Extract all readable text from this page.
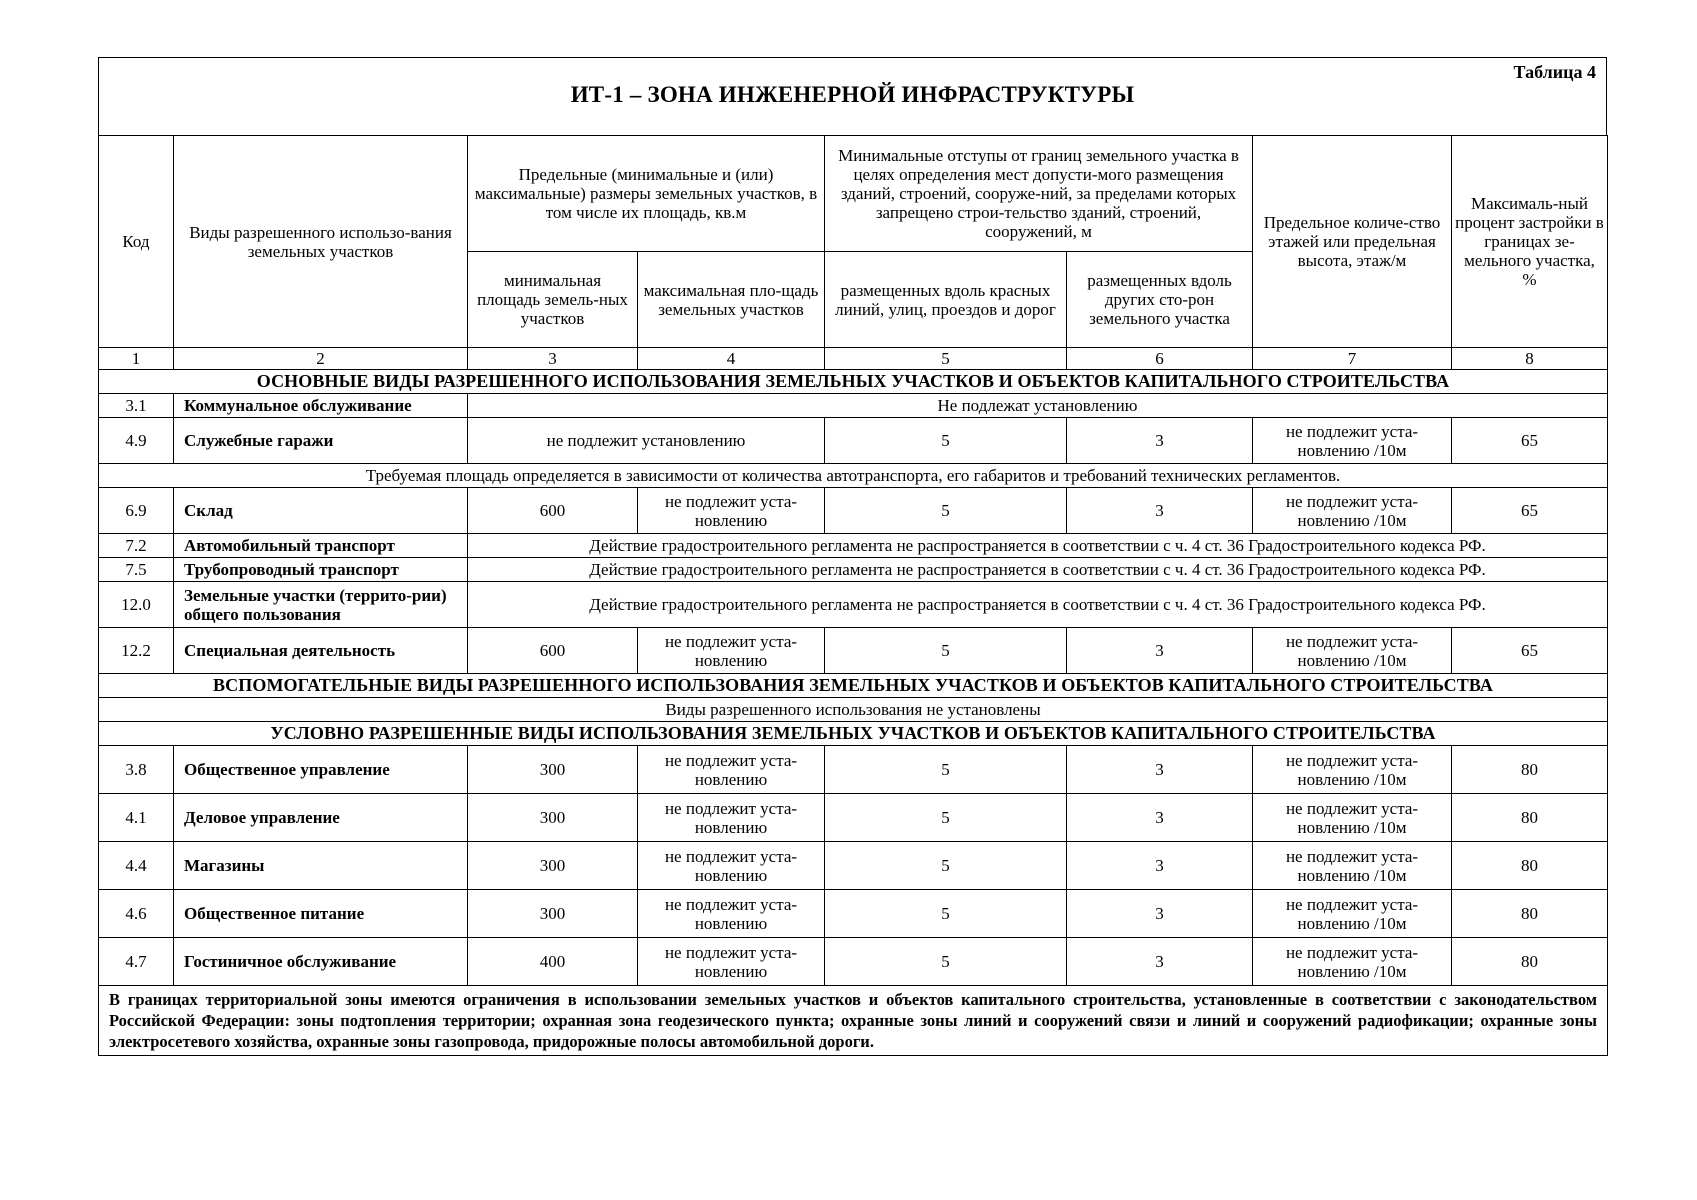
Таблица 4
ИТ-1 – ЗОНА ИНЖЕНЕРНОЙ ИНФРАСТРУКТУРЫ
Код	Виды разрешенного использо-вания земельных участков	Предельные (минимальные и (или) максимальные) размеры земельных участков, в том числе их площадь, кв.м		Минимальные отступы от границ земельного участка в целях определения мест допусти-мого размещения зданий, строений, сооруже-ний, за пределами которых запрещено строи-тельство зданий, строений, сооружений, м		Предельное количе-ство этажей или предельная высота, этаж/м	Максималь-ный процент застройки в границах зе-мельного участка, %
		минимальная площадь земель-ных участков	максимальная пло-щадь земельных участков	размещенных вдоль красных линий, улиц, проездов и дорог	размещенных вдоль других сто-рон земельного участка		
1	2	3	4	5	6	7	8
ОСНОВНЫЕ ВИДЫ РАЗРЕШЕННОГО ИСПОЛЬЗОВАНИЯ ЗЕМЕЛЬНЫХ УЧАСТКОВ И ОБЪЕКТОВ КАПИТАЛЬНОГО СТРОИТЕЛЬСТВА							
3.1	Коммунальное обслуживание	Не подлежат установлению					
4.9	Служебные гаражи	не подлежит установлению		5	3	не подлежит уста-новлению /10м	65
Требуемая площадь определяется в зависимости от количества автотранспорта, его габаритов и требований технических регламентов.							
6.9	Склад	600	не подлежит уста-новлению	5	3	не подлежит уста-новлению /10м	65
7.2	Автомобильный транспорт	Действие градостроительного регламента не распространяется в соответствии с ч. 4 ст. 36 Градостроительного кодекса РФ.					
7.5	Трубопроводный транспорт	Действие градостроительного регламента не распространяется в соответствии с ч. 4 ст. 36 Градостроительного кодекса РФ.					
12.0	Земельные участки (террито-рии) общего пользования	Действие градостроительного регламента не распространяется в соответствии с ч. 4 ст. 36 Градостроительного кодекса РФ.					
12.2	Специальная деятельность	600	не подлежит уста-новлению	5	3	не подлежит уста-новлению /10м	65
ВСПОМОГАТЕЛЬНЫЕ ВИДЫ РАЗРЕШЕННОГО ИСПОЛЬЗОВАНИЯ ЗЕМЕЛЬНЫХ УЧАСТКОВ И ОБЪЕКТОВ КАПИТАЛЬНОГО СТРОИТЕЛЬСТВА							
Виды разрешенного использования не установлены							
УСЛОВНО РАЗРЕШЕННЫЕ ВИДЫ ИСПОЛЬЗОВАНИЯ ЗЕМЕЛЬНЫХ УЧАСТКОВ И ОБЪЕКТОВ КАПИТАЛЬНОГО СТРОИТЕЛЬСТВА							
3.8	Общественное управление	300	не подлежит уста-новлению	5	3	не подлежит уста-новлению /10м	80
4.1	Деловое управление	300	не подлежит уста-новлению	5	3	не подлежит уста-новлению /10м	80
4.4	Магазины	300	не подлежит уста-новлению	5	3	не подлежит уста-новлению /10м	80
4.6	Общественное питание	300	не подлежит уста-новлению	5	3	не подлежит уста-новлению /10м	80
4.7	Гостиничное обслуживание	400	не подлежит уста-новлению	5	3	не подлежит уста-новлению /10м	80
В границах территориальной зоны имеются ограничения в использовании земельных участков и объектов капитального строительства, установленные в соответствии с законодательством Российской Федерации: зоны подтопления территории; охранная зона геодезического пункта; охранные зоны линий и сооружений связи и линий и сооружений радиофикации; охранные зоны электросетевого хозяйства, охранные зоны газопровода, придорожные полосы автомобильной дороги.							
